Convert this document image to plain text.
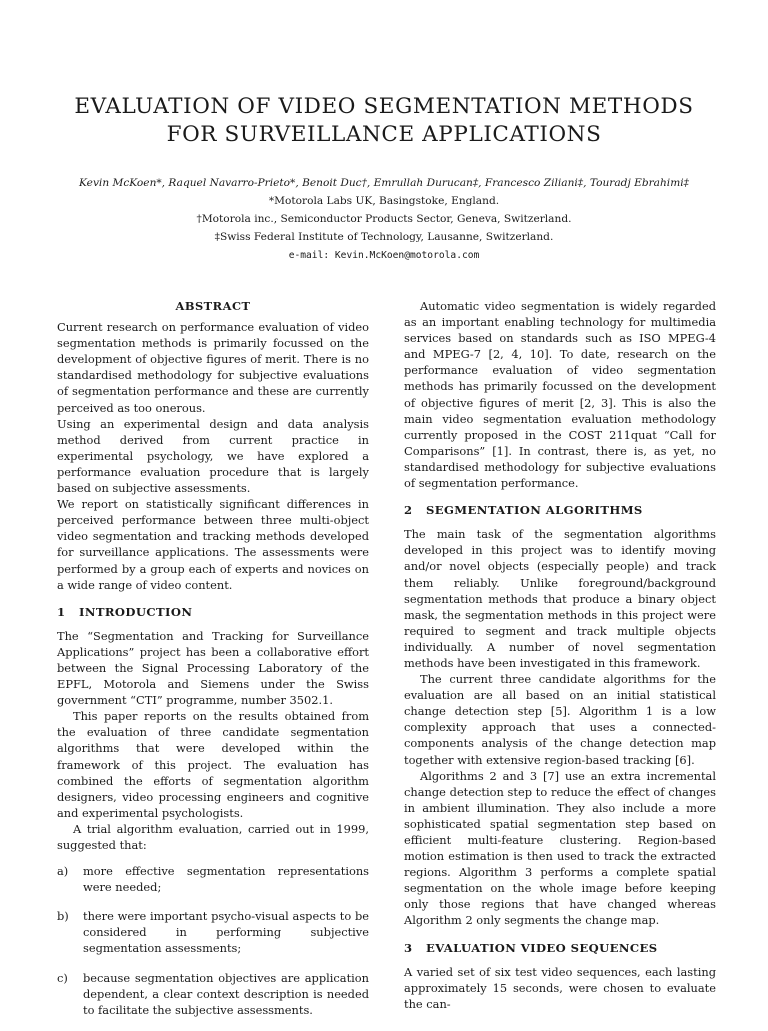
EVALUATION OF VIDEO SEGMENTATION METHODS
FOR SURVEILLANCE APPLICATIONS
Kevin McKoen*, Raquel Navarro-Prieto*, Benoit Duc†, Emrullah Durucan‡, Francesco Ziliani‡, Touradj Ebrahimi‡
*Motorola Labs UK, Basingstoke, England.
†Motorola inc., Semiconductor Products Sector, Geneva, Switzerland.
‡Swiss Federal Institute of Technology, Lausanne, Switzerland.
e-mail: Kevin.McKoen@motorola.com
ABSTRACT

Current research on performance evaluation of video segmentation methods is primarily focussed on the development of objective figures of merit. There is no standardised methodology for subjective evaluations of segmentation performance and these are currently perceived as too onerous.

Using an experimental design and data analysis method derived from current practice in experimental psychology, we have explored a performance evaluation procedure that is largely based on subjective assessments.

We report on statistically significant differences in perceived performance between three multi-object video segmentation and tracking methods developed for surveillance applications. The assessments were performed by a group each of experts and novices on a wide range of video content.

1 INTRODUCTION

The “Segmentation and Tracking for Surveillance Applications” project has been a collaborative effort between the Signal Processing Laboratory of the EPFL, Motorola and Siemens under the Swiss government “CTI” programme, number 3502.1.

This paper reports on the results obtained from the evaluation of three candidate segmentation algorithms that were developed within the framework of this project. The evaluation has combined the efforts of segmentation algorithm designers, video processing engineers and cognitive and experimental psychologists.

A trial algorithm evaluation, carried out in 1999, suggested that:

a) more effective segmentation representations were needed;
b) there were important psycho-visual aspects to be considered in performing subjective segmentation assessments;
c) because segmentation objectives are application dependent, a clear context description is needed to facilitate the subjective assessments.

Automatic video segmentation is widely regarded as an important enabling technology for multimedia services based on standards such as ISO MPEG-4 and MPEG-7 [2, 4, 10]. To date, research on the performance evaluation of video segmentation methods has primarily focussed on the development of objective figures of merit [2, 3]. This is also the main video segmentation evaluation methodology currently proposed in the COST 211quat “Call for Comparisons” [1]. In contrast, there is, as yet, no standardised methodology for subjective evaluations of segmentation performance.

2 SEGMENTATION ALGORITHMS

The main task of the segmentation algorithms developed in this project was to identify moving and/or novel objects (especially people) and track them reliably. Unlike foreground/background segmentation methods that produce a binary object mask, the segmentation methods in this project were required to segment and track multiple objects individually. A number of novel segmentation methods have been investigated in this framework.

The current three candidate algorithms for the evaluation are all based on an initial statistical change detection step [5]. Algorithm 1 is a low complexity approach that uses a connected-components analysis of the change detection map together with extensive region-based tracking [6].

Algorithms 2 and 3 [7] use an extra incremental change detection step to reduce the effect of changes in ambient illumination. They also include a more sophisticated spatial segmentation step based on efficient multi-feature clustering. Region-based motion estimation is then used to track the extracted regions. Algorithm 3 performs a complete spatial segmentation on the whole image before keeping only those regions that have changed whereas Algorithm 2 only segments the change map.

3 EVALUATION VIDEO SEQUENCES

A varied set of six test video sequences, each lasting approximately 15 seconds, were chosen to evaluate the can-
